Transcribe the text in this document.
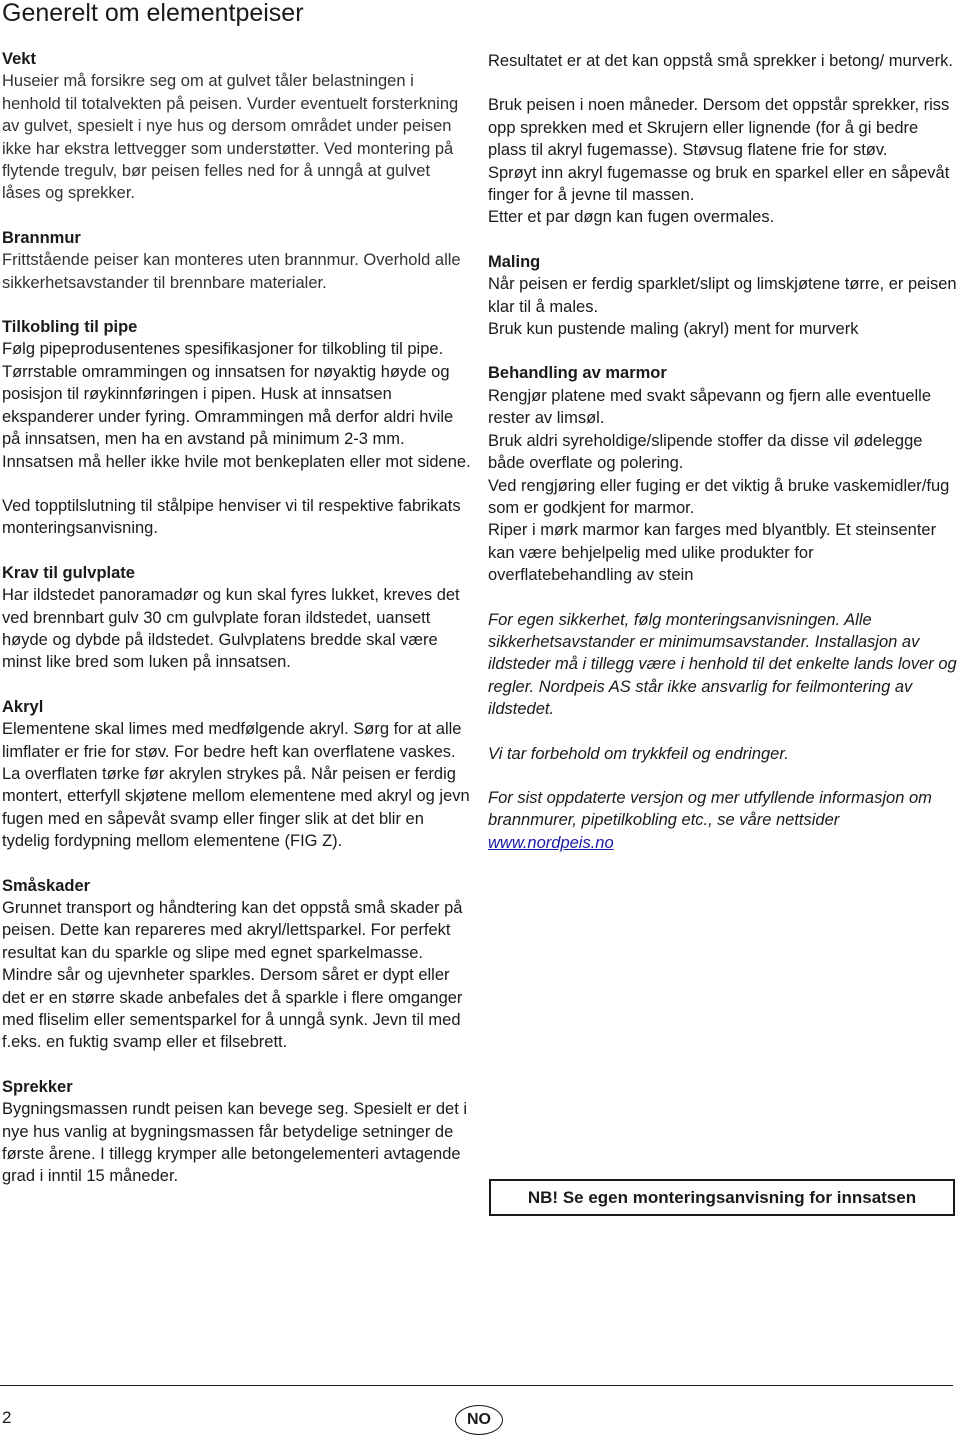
Generelt om elementpeiser
Vekt

Huseier må forsikre seg om at gulvet tåler belastningen i henhold til totalvekten på peisen. Vurder eventuelt forsterkning av gulvet, spesielt i nye hus og dersom området under peisen ikke har ekstra lettvegger som understøtter. Ved montering på flytende tregulv, bør peisen felles ned for å unngå at gulvet låses og sprekker.

Brannmur

Frittstående peiser kan monteres uten brannmur. Overhold alle sikkerhetsavstander til brennbare materialer.

Tilkobling til pipe

Følg pipeprodusentenes spesifikasjoner for tilkobling til pipe. Tørrstable omrammingen og innsatsen for nøyaktig høyde og posisjon til røykinnføringen i pipen. Husk at innsatsen ekspanderer under fyring. Omrammingen må derfor aldri hvile på innsatsen, men ha en avstand på minimum 2-3 mm. Innsatsen må heller ikke hvile mot benkeplaten eller mot sidene.

Ved topptilslutning til stålpipe henviser vi til respektive fabrikats monteringsanvisning.

Krav til gulvplate

Har ildstedet panoramadør og kun skal fyres lukket, kreves det ved brennbart gulv 30 cm gulvplate foran ildstedet, uansett høyde og dybde på ildstedet. Gulvplatens bredde skal være minst like bred som luken på innsatsen.

Akryl

Elementene skal limes med medfølgende akryl. Sørg for at alle limflater er frie for støv. For bedre heft kan overflatene vaskes. La overflaten tørke før akrylen strykes på. Når peisen er ferdig montert, etterfyll skjøtene mellom elementene med akryl og jevn fugen med en såpevåt svamp eller finger slik at det blir en tydelig fordypning mellom elementene (FIG Z).

Småskader

Grunnet transport og håndtering kan det oppstå små skader på peisen. Dette kan repareres med akryl/lettsparkel. For perfekt resultat kan du sparkle og slipe med egnet sparkelmasse. Mindre sår og ujevnheter sparkles. Dersom såret er dypt eller det er en større skade anbefales det å sparkle i flere omganger med fliselim eller sementsparkel for å unngå synk. Jevn til med f.eks. en fuktig svamp eller et filsebrett.

Sprekker

Bygningsmassen rundt peisen kan bevege seg. Spesielt er det i nye hus vanlig at bygningsmassen får betydelige setninger de første årene. I tillegg krymper alle betongelementeri avtagende grad i inntil 15 måneder.

Resultatet er at det kan oppstå små sprekker i betong/ murverk.

Bruk peisen i noen måneder. Dersom det oppstår sprekker, riss opp sprekken med et Skrujern eller lignende (for å gi bedre plass til akryl fugemasse). Støvsug flatene frie for støv.

Sprøyt inn akryl fugemasse og bruk en sparkel eller en såpevåt finger for å jevne til massen.

Etter et par døgn kan fugen overmales.

Maling

Når peisen er ferdig sparklet/slipt og limskjøtene tørre, er peisen klar til å males.

Bruk kun pustende maling (akryl) ment for murverk

Behandling av marmor

Rengjør platene med svakt såpevann og fjern alle eventuelle rester av limsøl.

Bruk aldri syreholdige/slipende stoffer da disse vil ødelegge både overflate og polering.

Ved rengjøring eller fuging er det viktig å bruke vaskemidler/fug som er godkjent for marmor.

Riper i mørk marmor kan farges med blyantbly. Et steinsenter kan være behjelpelig med ulike produkter for overflatebehandling av stein

For egen sikkerhet, følg monteringsanvisningen. Alle sikkerhetsavstander er minimumsavstander. Installasjon av ildsteder må i tillegg være i henhold til det enkelte lands lover og regler. Nordpeis AS står ikke ansvarlig for feilmontering av ildstedet.

Vi tar forbehold om trykkfeil og endringer.

For sist oppdaterte versjon og mer utfyllende informasjon om brannmurer, pipetilkobling etc., se våre nettsider www.nordpeis.no

NB! Se egen monteringsanvisning for innsatsen
2	NO
